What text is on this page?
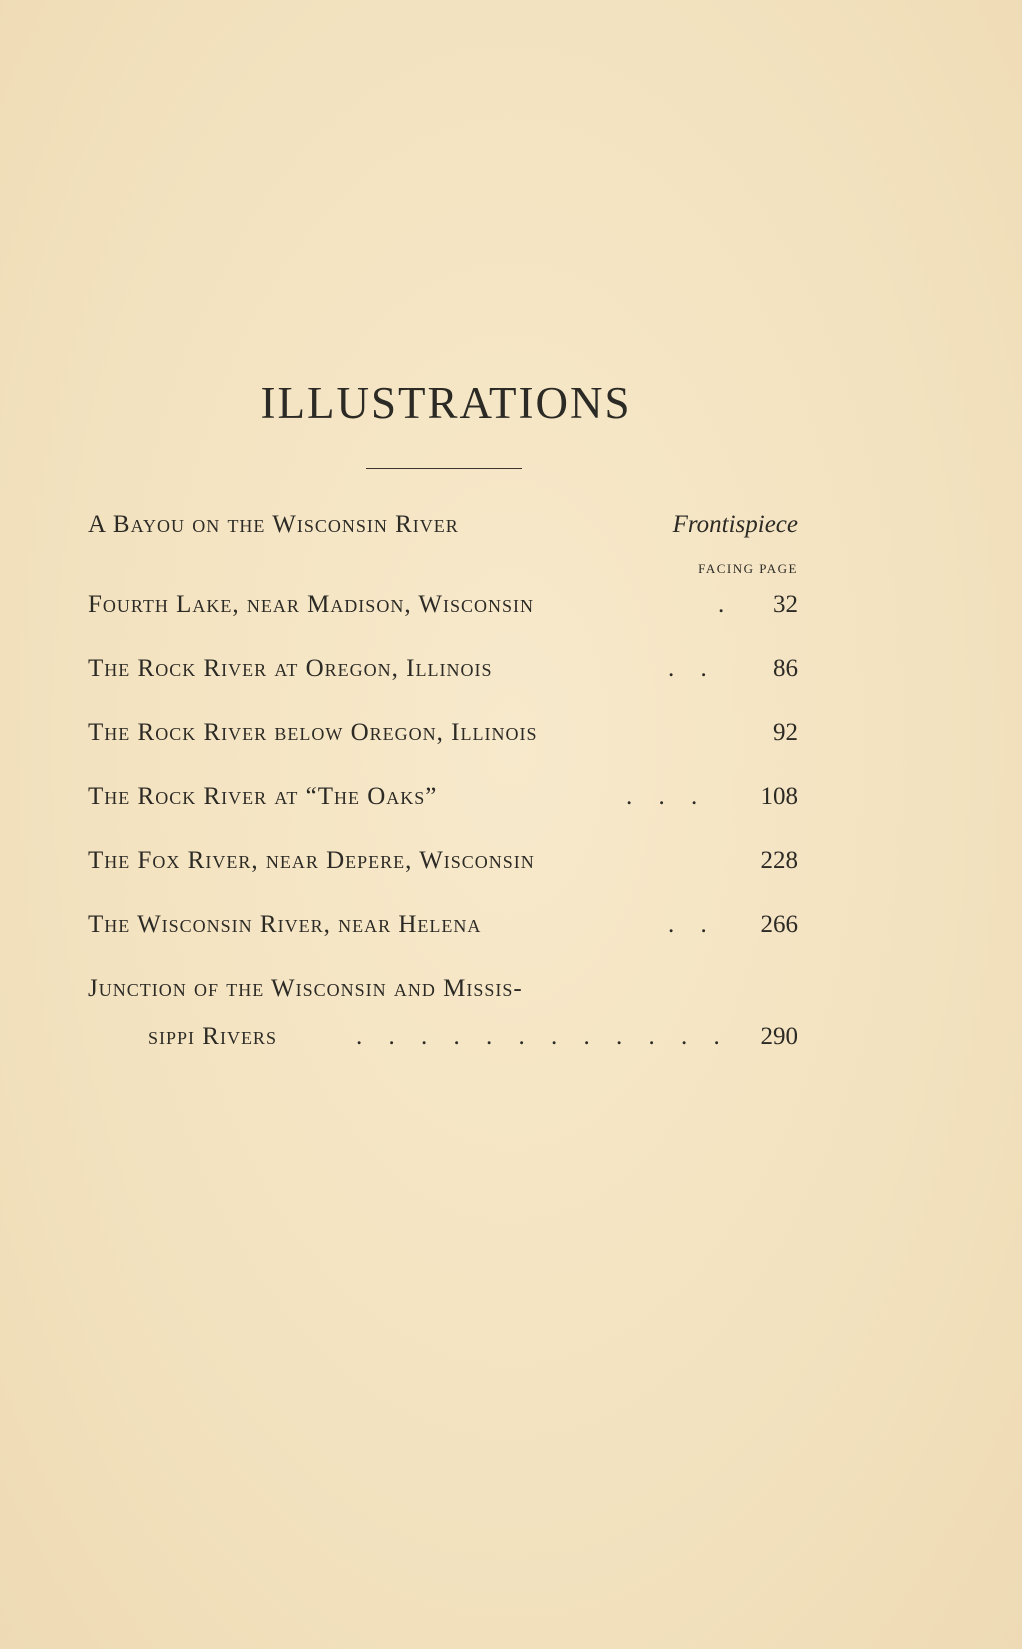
ILLUSTRATIONS
A Bayou on the Wisconsin River	Frontispiece
FACING PAGE
Fourth Lake, near Madison, Wisconsin	. 32
The Rock River at Oregon, Illinois	. . 86
The Rock River below Oregon, Illinois	92
The Rock River at “The Oaks”	. . . 108
The Fox River, near Depere, Wisconsin	228
The Wisconsin River, near Helena	. . 266
Junction of the Wisconsin and Missis-
sippi Rivers	. . . . . . . . . . . . 290
